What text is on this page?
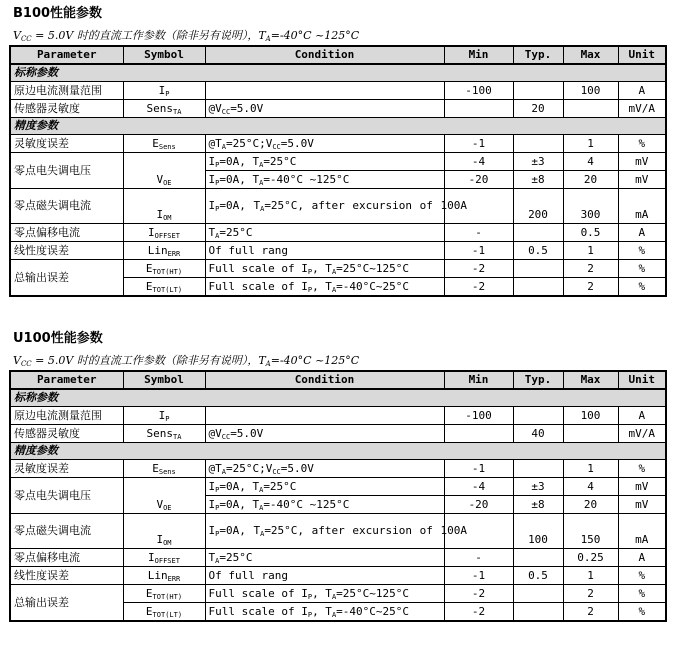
B100性能参数
$V_{CC} = 5.0V$ 时的直流工作参数（除非另有说明），$T_A=-40^\circ C$ ~125°C
Parameter	Symbol	Condition	Min	Typ.	Max	Unit
标称参数						
原边电流测量范围	$I_P$		-100		100	A
传感器灵敏度	Sens$_{TA}$	$@V_{CC}=5.0V$		20		mV/A
精度参数						
灵敏度误差	$E_{Sens}$	$@T_A=25^\circ C;V_{CC}=5.0V$	-1		1	%
零点电失调电压	$V_{OE}$	$I_P=0A$, $T_A=25^\circ C$	-4	±3	4	mV
		$I_P=0A$, $T_A=-40^\circ C$ ~125°C	-20	±8	20	mV
零点磁失调电流	$I_{OM}$	$I_P=0A$, $T_A=25^\circ C$, after excursion of 100A		200	300	mA
零点偏移电流	$I_{OFFSET}$	$T_A=25^\circ C$	-		0.5	A
线性度误差	Lin$_{ERR}$	Of full rang	-1	0.5	1	%
总输出误差	$E_{TOT(HT)}$	Full scale of $I_P$, $T_A=25^\circ C\sim 125^\circ C$	-2		2	%
	$E_{TOT(LT)}$	Full scale of $I_P$, $T_A=-40^\circ C\sim 25^\circ C$	-2		2	%
U100性能参数
$V_{CC} = 5.0V$ 时的直流工作参数（除非另有说明），$T_A=-40^\circ C$ ~125°C
Parameter	Symbol	Condition	Min	Typ.	Max	Unit
标称参数						
原边电流测量范围	$I_P$		-100		100	A
传感器灵敏度	Sens$_{TA}$	$@V_{CC}=5.0V$		40		mV/A
精度参数						
灵敏度误差	$E_{Sens}$	$@T_A=25^\circ C;V_{CC}=5.0V$	-1		1	%
零点电失调电压	$V_{OE}$	$I_P=0A$, $T_A=25^\circ C$	-4	±3	4	mV
		$I_P=0A$, $T_A=-40^\circ C$ ~125°C	-20	±8	20	mV
零点磁失调电流	$I_{OM}$	$I_P=0A$, $T_A=25^\circ C$, after excursion of 100A		100	150	mA
零点偏移电流	$I_{OFFSET}$	$T_A=25^\circ C$	-		0.25	A
线性度误差	Lin$_{ERR}$	Of full rang	-1	0.5	1	%
总输出误差	$E_{TOT(HT)}$	Full scale of $I_P$, $T_A=25^\circ C\sim 125^\circ C$	-2		2	%
	$E_{TOT(LT)}$	Full scale of $I_P$, $T_A=-40^\circ C\sim 25^\circ C$	-2		2	%
